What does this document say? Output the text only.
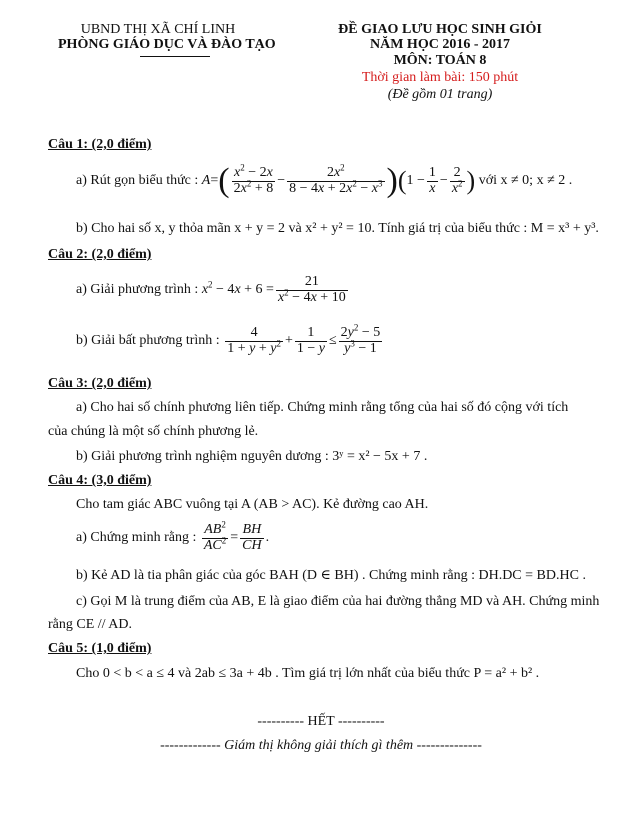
UBND THỊ XÃ CHÍ LINH
PHÒNG GIÁO DỤC VÀ ĐÀO TẠO
ĐỀ GIAO LƯU HỌC SINH GIỎI
NĂM HỌC 2016 - 2017
MÔN: TOÁN 8
Thời gian làm bài: 150 phút
(Đề gồm 01 trang)
Câu 1: (2,0 điểm)
a) Rút gọn biểu thức : $A=( \frac{x^2 - 2x}{2x^2 + 8} - \frac{2x^2}{8 - 4x + 2x^2 - x^3} )(1 - \frac{1}{x} - \frac{2}{x^2}$ ) với x ≠ 0; x ≠ 2 .
b) Cho hai số x, y thỏa mãn x + y = 2 và x² + y² = 10. Tính giá trị của biểu thức : M = x³ + y³.
Câu 2: (2,0 điểm)
a) Giải phương trình : $x^2 - 4x + 6 = \frac{21}{x^2 - 4x + 10}$
b) Giải bất phương trình : $\frac{4}{1 + y + y^2} + \frac{1}{1 - y} \le \frac{2y^2 - 5}{y^3 - 1}$
Câu 3: (2,0 điểm)
a) Cho hai số chính phương liên tiếp. Chứng minh rằng tổng của hai số đó cộng với tích
của chúng là một số chính phương lẻ.
b) Giải phương trình nghiệm nguyên dương : 3ʸ = x² − 5x + 7 .
Câu 4: (3,0 điểm)
Cho tam giác ABC vuông tại A (AB > AC). Kẻ đường cao AH.
a) Chứng minh rằng : $\frac{AB^2}{AC^2} = \frac{BH}{CH}$ .
b) Kẻ AD là tia phân giác của góc BAH (D ∈ BH) . Chứng minh rằng : DH.DC = BD.HC .
c) Gọi M là trung điểm của AB, E là giao điểm của hai đường thẳng MD và AH. Chứng minh
rằng CE // AD.
Câu 5: (1,0 điểm)
Cho 0 < b < a ≤ 4 và 2ab ≤ 3a + 4b . Tìm giá trị lớn nhất của biểu thức P = a² + b² .
---------- HẾT ----------
------------- Giám thị không giải thích gì thêm --------------
